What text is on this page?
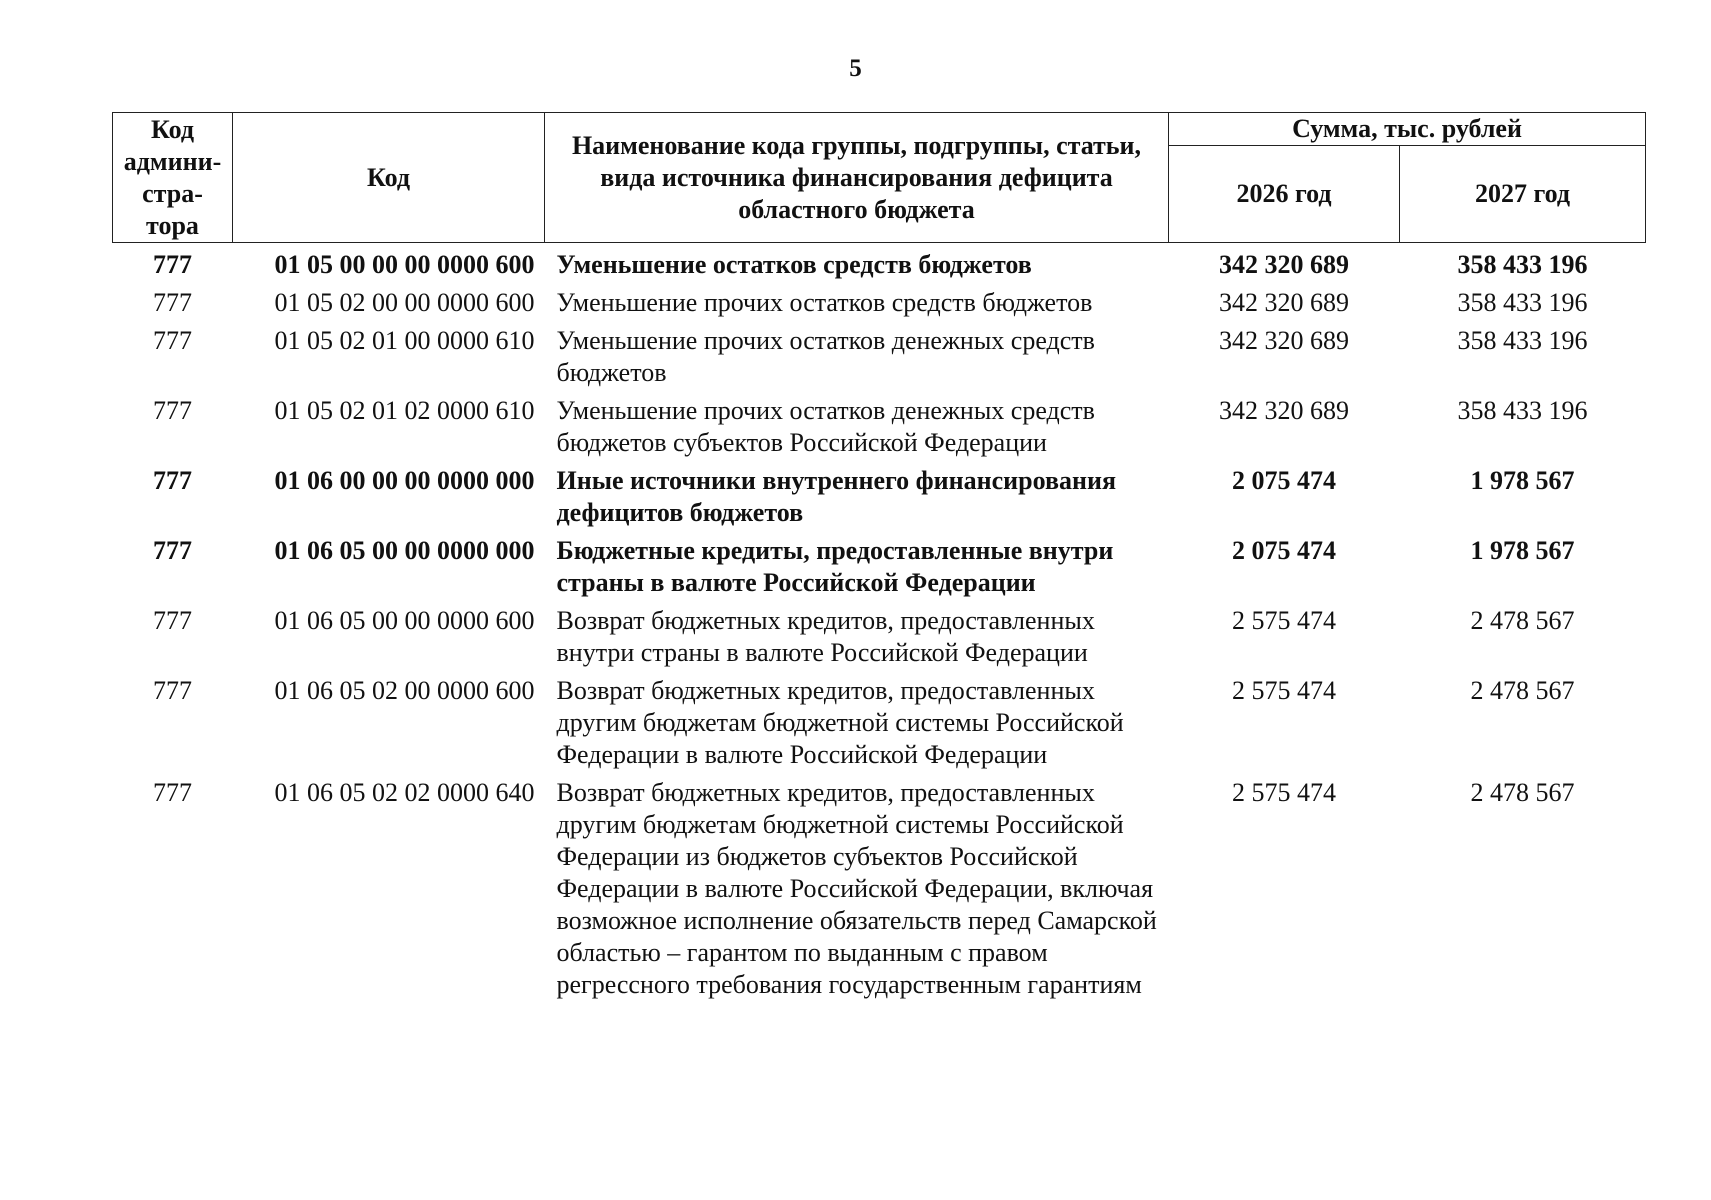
5
Код админи-стра-тора	Код	Наименование кода группы, подгруппы, статьи, вида источника финансирования дефицита областного бюджета	Сумма, тыс. рублей	
			2026 год	2027 год
777	01 05 00 00 00 0000 600	Уменьшение остатков средств бюджетов	342 320 689	358 433 196
777	01 05 02 00 00 0000 600	Уменьшение прочих остатков средств бюджетов	342 320 689	358 433 196
777	01 05 02 01 00 0000 610	Уменьшение прочих остатков денежных средств бюджетов	342 320 689	358 433 196
777	01 05 02 01 02 0000 610	Уменьшение прочих остатков денежных средств бюджетов субъектов Российской Федерации	342 320 689	358 433 196
777	01 06 00 00 00 0000 000	Иные источники внутреннего финансирования дефицитов бюджетов	2 075 474	1 978 567
777	01 06 05 00 00 0000 000	Бюджетные кредиты, предоставленные внутри страны в валюте Российской Федерации	2 075 474	1 978 567
777	01 06 05 00 00 0000 600	Возврат бюджетных кредитов, предоставленных внутри страны в валюте Российской Федерации	2 575 474	2 478 567
777	01 06 05 02 00 0000 600	Возврат бюджетных кредитов, предоставленных другим бюджетам бюджетной системы Российской Федерации в валюте Российской Федерации	2 575 474	2 478 567
777	01 06 05 02 02 0000 640	Возврат бюджетных кредитов, предоставленных другим бюджетам бюджетной системы Российской Федерации из бюджетов субъектов Российской Федерации в валюте Российской Федерации, включая возможное исполнение обязательств перед Самарской областью – гарантом по выданным с правом регрессного требования государственным гарантиям	2 575 474	2 478 567
